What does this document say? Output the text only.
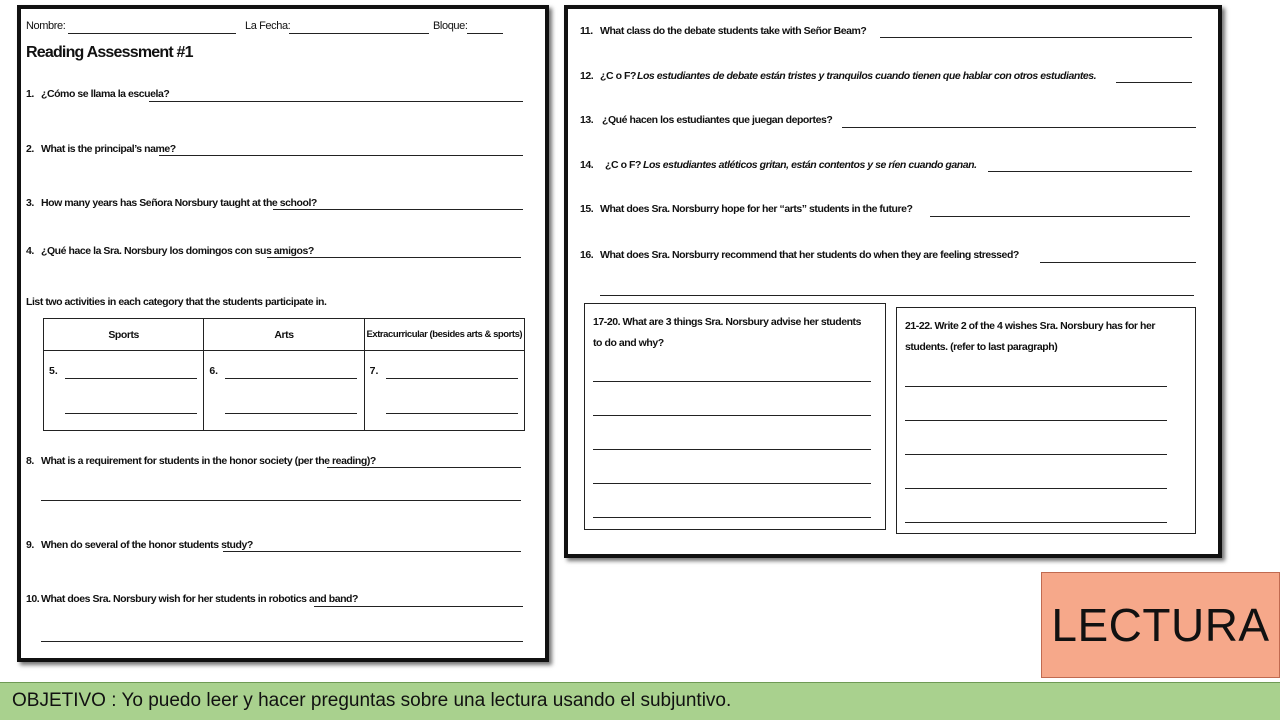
Nombre:	La Fecha:	Bloque:
Reading Assessment #1
1. ¿Cómo se llama la escuela?
2. What is the principal’s name?
3. How many years has Señora Norsbury taught at the school?
4. ¿Qué hace la Sra. Norsbury los domingos con sus amigos?
List two activities in each category that the students participate in.
Sports	Arts	Extracurricular (besides arts & sports)

5.	6.	7.
8. What is a requirement for students in the honor society (per the reading)?
9. When do several of the honor students study?
10. What does Sra. Norsbury wish for her students in robotics and band?
11. What class do the debate students take with Señor Beam?
12. ¿C o F? Los estudiantes de debate están tristes y tranquilos cuando tienen que hablar con otros estudiantes.
13. ¿Qué hacen los estudiantes que juegan deportes?
14. ¿C o F? Los estudiantes atléticos gritan, están contentos y se ríen cuando ganan.
15. What does Sra. Norsburry hope for her “arts” students in the future?
16. What does Sra. Norsburry recommend that her students do when they are feeling stressed?
17-20. What are 3 things Sra. Norsbury advise her students
to do and why?
21-22. Write 2 of the 4 wishes Sra. Norsbury has for her
students. (refer to last paragraph)
LECTURA
OBJETIVO : Yo puedo leer y hacer preguntas sobre una lectura usando el subjuntivo.
